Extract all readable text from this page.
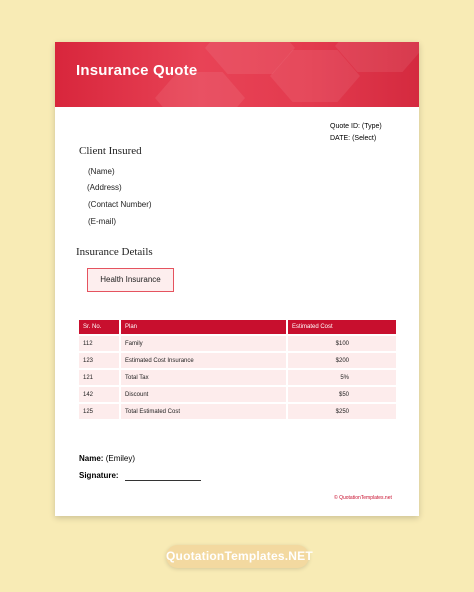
Insurance Quote
Quote ID: (Type)
DATE: (Select)
Client Insured
(Name)
(Address)
(Contact Number)
(E-mail)
Insurance Details
Health Insurance
Sr. No.	Plan	Estimated Cost
112	Family	$100
123	Estimated Cost Insurance	$200
121	Total Tax	5%
142	Discount	$50
125	Total Estimated Cost	$250
Name: (Emiley)
Signature:
© QuotationTemplates.net
QuotationTemplates.NET
